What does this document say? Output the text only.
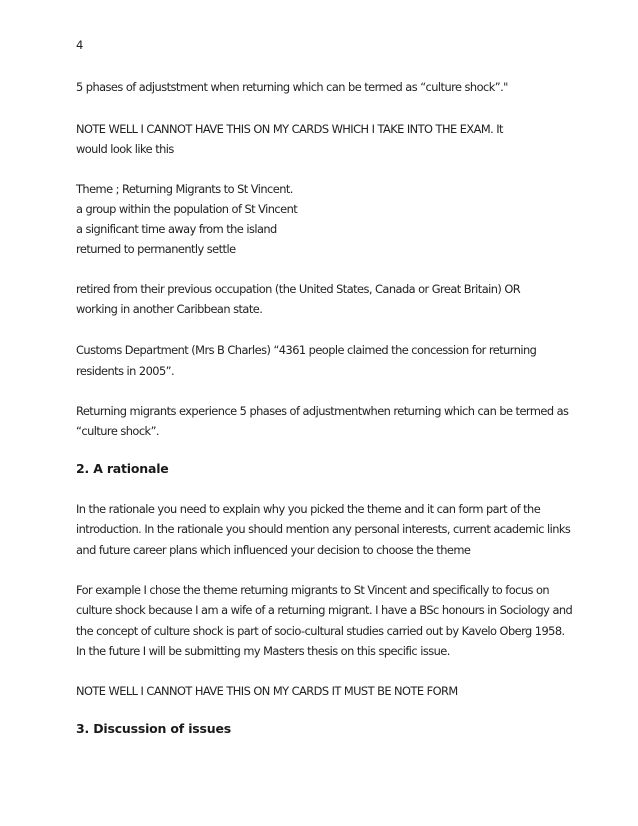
4
5 phases of adjuststment when returning which can be termed as “culture shock”."
NOTE WELL I CANNOT HAVE THIS ON MY CARDS WHICH I TAKE INTO THE EXAM. It
would look like this
Theme ; Returning Migrants to St Vincent.
a group within the population of St Vincent
a significant time away from the island
returned to permanently settle
retired from their previous occupation (the United States, Canada or Great Britain) OR
working in another Caribbean state.
Customs Department (Mrs B Charles) “4361 people claimed the concession for returning
residents in 2005”.
Returning migrants experience 5 phases of adjustmentwhen returning which can be termed as
“culture shock”.
2. A rationale
In the rationale you need to explain why you picked the theme and it can form part of the
introduction. In the rationale you should mention any personal interests, current academic links
and future career plans which influenced your decision to choose the theme
For example I chose the theme returning migrants to St Vincent and specifically to focus on
culture shock because I am a wife of a returning migrant. I have a BSc honours in Sociology and
the concept of culture shock is part of socio-cultural studies carried out by Kavelo Oberg 1958.
In the future I will be submitting my Masters thesis on this specific issue.
NOTE WELL I CANNOT HAVE THIS ON MY CARDS IT MUST BE NOTE FORM
3. Discussion of issues
